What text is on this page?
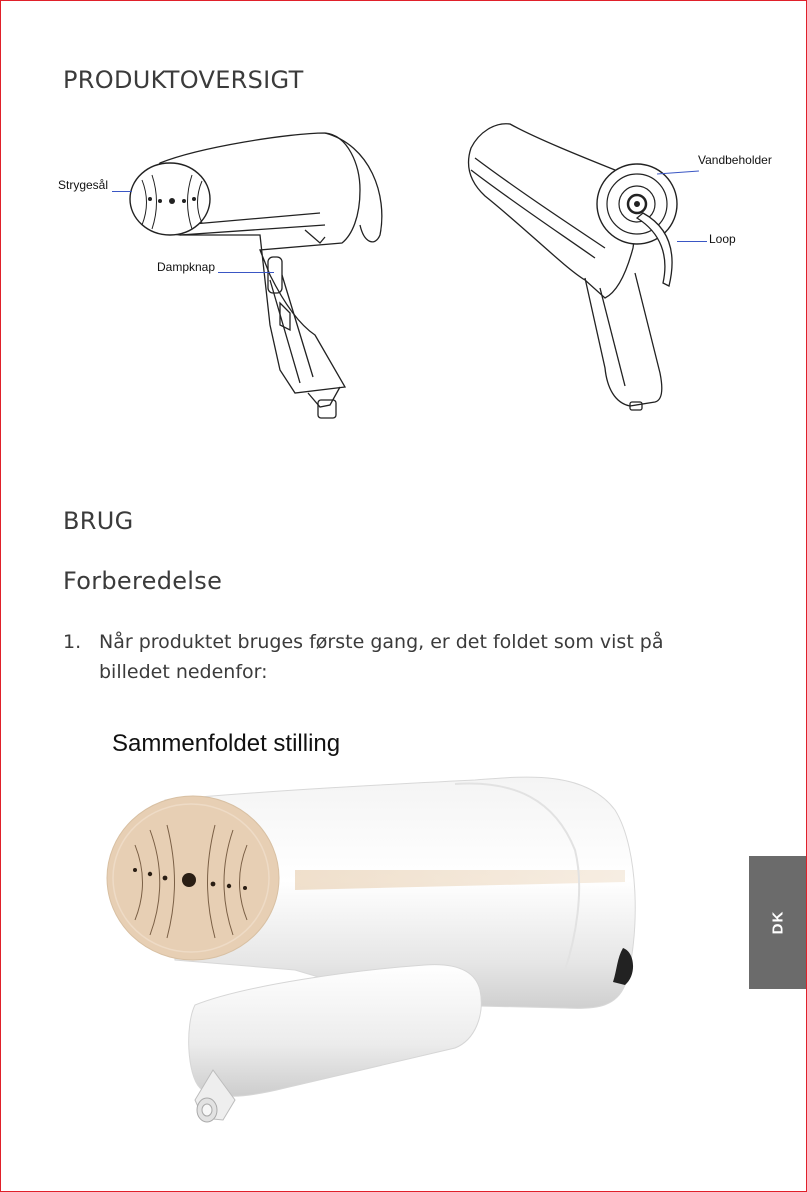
PRODUKTOVERSIGT
Strygesål
Dampknap
Vandbeholder
Loop
BRUG
Forberedelse
1. Når produktet bruges første gang, er det foldet som vist på billedet nedenfor:
Sammenfoldet stilling
DK
